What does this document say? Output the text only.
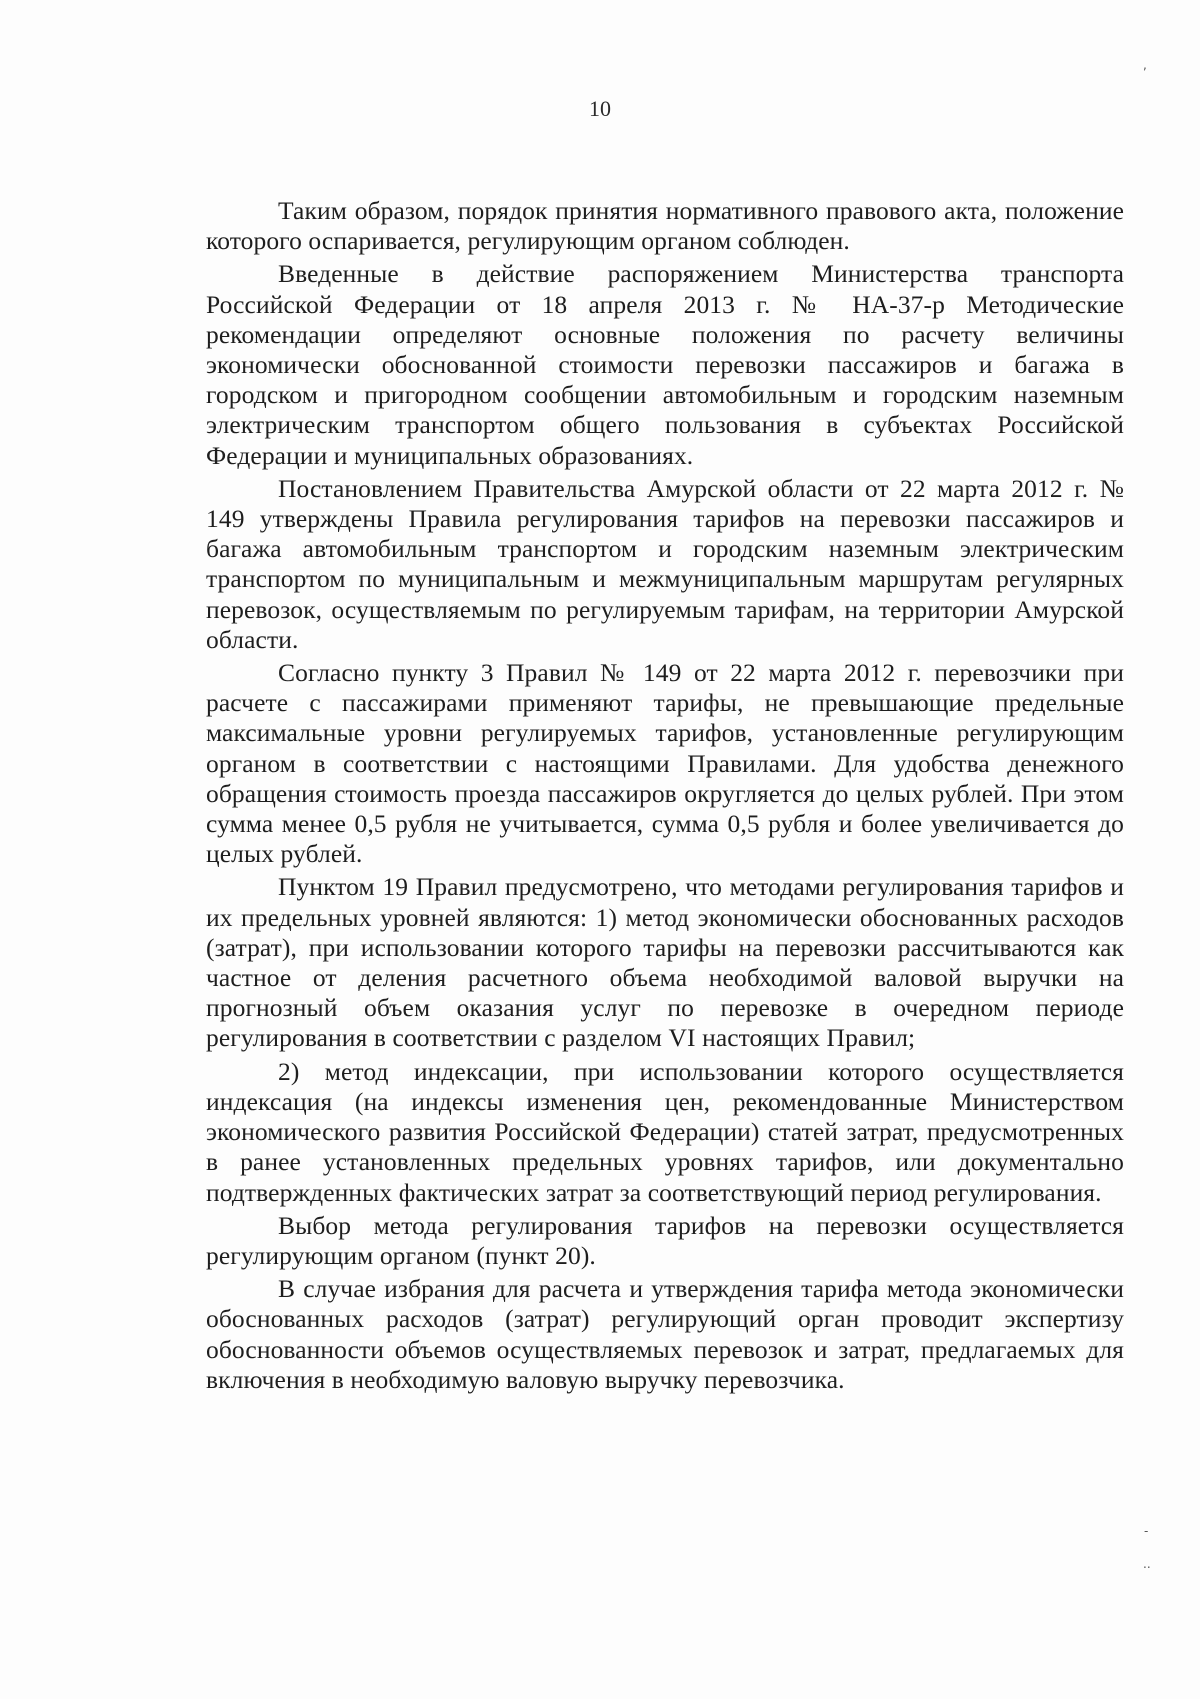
10

Таким образом, порядок принятия нормативного правового акта, положение которого оспаривается, регулирующим органом соблюден.

Введенные в действие распоряжением Министерства транспорта Российской Федерации от 18 апреля 2013 г. № НА-37-р Методические рекомендации определяют основные положения по расчету величины экономически обоснованной стоимости перевозки пассажиров и багажа в городском и пригородном сообщении автомобильным и городским наземным электрическим транспортом общего пользования в субъектах Российской Федерации и муниципальных образованиях.

Постановлением Правительства Амурской области от 22 марта 2012 г. № 149 утверждены Правила регулирования тарифов на перевозки пассажиров и багажа автомобильным транспортом и городским наземным электрическим транспортом по муниципальным и межмуниципальным маршрутам регулярных перевозок, осуществляемым по регулируемым тарифам, на территории Амурской области.

Согласно пункту 3 Правил № 149 от 22 марта 2012 г. перевозчики при расчете с пассажирами применяют тарифы, не превышающие предельные максимальные уровни регулируемых тарифов, установленные регулирующим органом в соответствии с настоящими Правилами. Для удобства денежного обращения стоимость проезда пассажиров округляется до целых рублей. При этом сумма менее 0,5 рубля не учитывается, сумма 0,5 рубля и более увеличивается до целых рублей.

Пунктом 19 Правил предусмотрено, что методами регулирования тарифов и их предельных уровней являются: 1) метод экономически обоснованных расходов (затрат), при использовании которого тарифы на перевозки рассчитываются как частное от деления расчетного объема необходимой валовой выручки на прогнозный объем оказания услуг по перевозке в очередном периоде регулирования в соответствии с разделом VI настоящих Правил;

2) метод индексации, при использовании которого осуществляется индексация (на индексы изменения цен, рекомендованные Министерством экономического развития Российской Федерации) статей затрат, предусмотренных в ранее установленных предельных уровнях тарифов, или документально подтвержденных фактических затрат за соответствующий период регулирования.

Выбор метода регулирования тарифов на перевозки осуществляется регулирующим органом (пункт 20).

В случае избрания для расчета и утверждения тарифа метода экономически обоснованных расходов (затрат) регулирующий орган проводит экспертизу обоснованности объемов осуществляемых перевозок и затрат, предлагаемых для включения в необходимую валовую выручку перевозчика.

,
-
..
